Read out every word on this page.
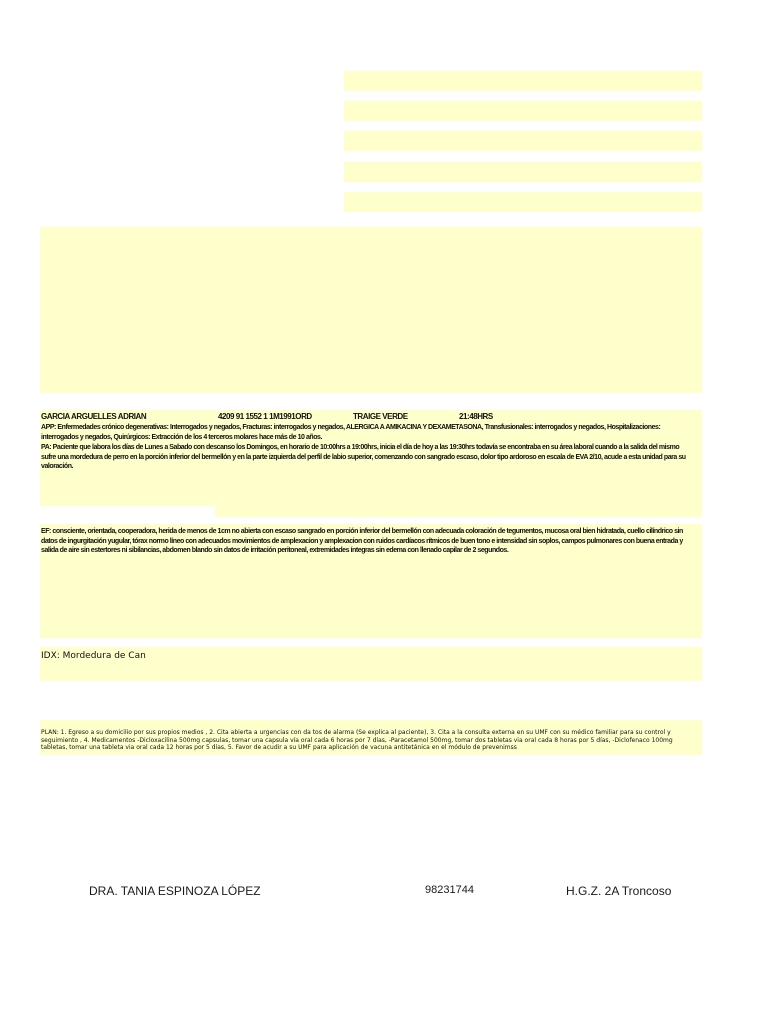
GARCIA ARGUELLES ADRIAN	4209 91 1552 1 1M1991ORD	TRAIGE VERDE	21:48HRS
APP: Enfermedades crónico degenerativas: Interrogados y negados, Fracturas: interrogados y negados, ALERGICA A AMIKACINA Y DEXAMETASONA, Transfusionales: interrogados y negados, Hospitalizaciones: interrogados y negados, Quirúrgicos: Extracción de los 4 terceros molares hace más de 10 años.
PA: Paciente que labora los días de Lunes a Sabado con descanso los Domingos, en horario de 10:00hrs a 19:00hrs, inicia el día de hoy a las 19:30hrs todavía se encontraba en su área laboral cuando a la salida del mismo sufre una mordedura de perro en la porción inferior del bermellón y en la parte izquierda del perfil de labio superior, comenzando con sangrado escaso, dolor tipo ardoroso en escala de EVA 2/10, acude a esta unidad para su valoración.
EF: consciente, orientada, cooperadora, herida de menos de 1cm no abierta con escaso sangrado en porción inferior del bermellón con adecuada coloración de tegumentos, mucosa oral bien hidratada, cuello cilíndrico sin datos de ingurgitación yugular, tórax normo líneo con adecuados movimientos de amplexacion y amplexacion con ruidos cardíacos rítmicos de buen tono e intensidad sin soplos, campos pulmonares con buena entrada y salida de aire sin estertores ni sibilancias, abdomen blando sin datos de irritación peritoneal, extremidades íntegras sin edema con llenado capilar de 2 segundos.
IDX: Mordedura de Can
PLAN: 1. Egreso a su domicilio por sus propios medios , 2. Cita abierta a urgencias con da tos de alarma (Se explica al paciente), 3. Cita a la consulta externa en su UMF con su médico familiar para su control y seguimiento , 4. Medicamentos -Dicloxacilina 500mg capsulas, tomar una capsula vía oral cada 6 horas por 7 días, -Paracetamol 500mg, tomar dos tabletas via oral cada 8 horas por 5 días, -Diclofenaco 100mg tabletas, tomar una tableta via oral cada 12 horas por 5 días, 5. Favor de acudir a su UMF para aplicación de vacuna antitetánica en el módulo de prevenimss
DRA. TANIA ESPINOZA LÓPEZ	98231744	H.G.Z. 2A Troncoso
